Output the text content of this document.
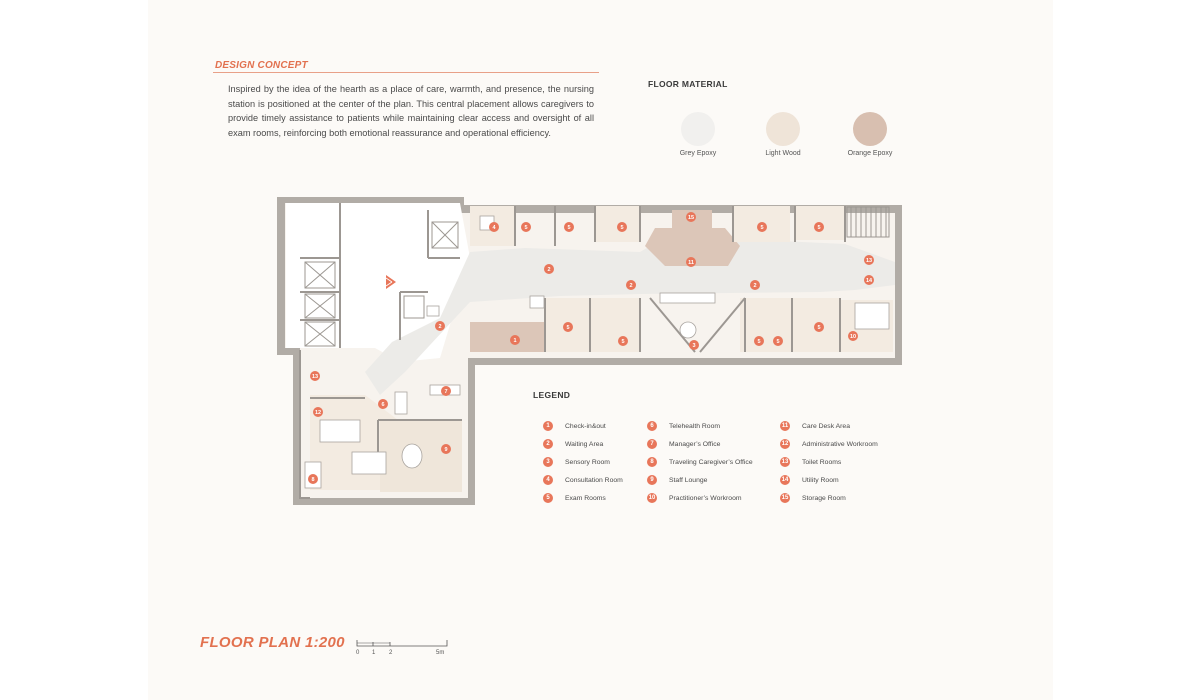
DESIGN CONCEPT

Inspired by the idea of the hearth as a place of care, warmth, and presence, the nursing station is positioned at the center of the plan. This central placement allows caregivers to provide timely assistance to patients while maintaining clear access and oversight of all exam rooms, reinforcing both emotional reassurance and operational efficiency.

FLOOR MATERIAL
Grey Epoxy	Light Wood	Orange Epoxy
4	5	5	5
15
5	5
2
11
2	2
2
13
14
1
5
5
3
5
5
5
10
13
7
6
12
9
8
LEGEND
1	Check-in&out
2	Waiting Area
3	Sensory Room
4	Consultation Room
5	Exam Rooms
6	Telehealth Room
7	Manager’s Office
8	Traveling Caregiver’s Office
9	Staff Lounge
10 Practitioner’s Workroom
11 Care Desk Area
12 Administrative Workroom
13 Toilet Rooms
14 Utility Room
15 Storage Room
FLOOR PLAN 1:200
0 1 2	5m
